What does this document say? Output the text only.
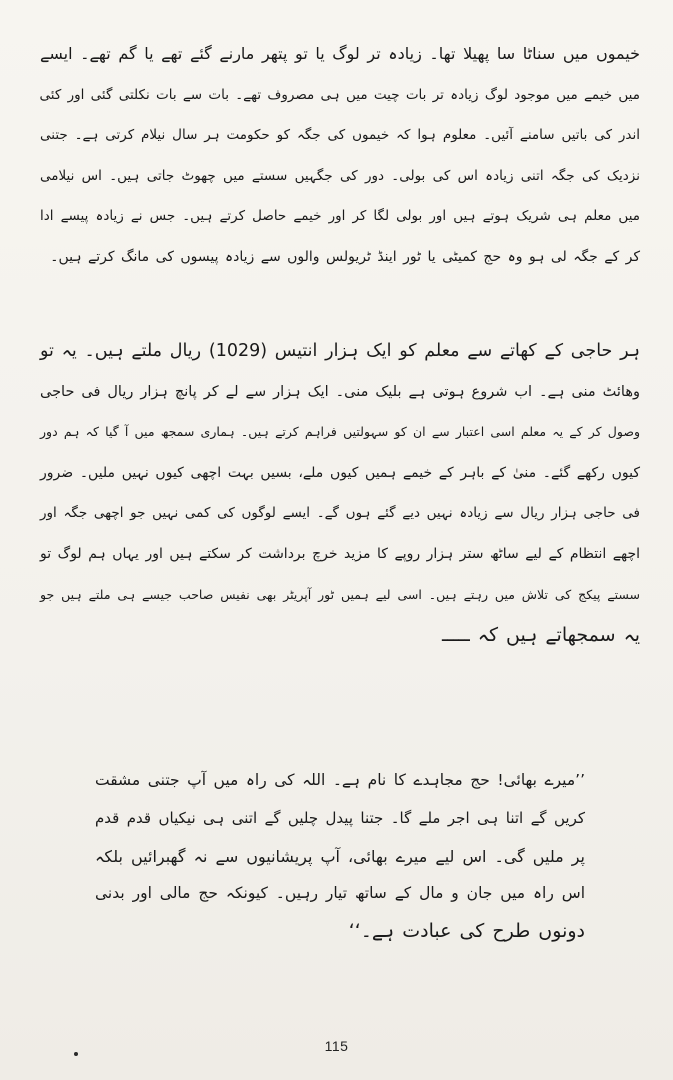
خیموں میں سناٹا سا پھیلا تھا۔ زیادہ تر لوگ یا تو پتھر مارنے گئے تھے یا گم تھے۔ ایسے
میں خیمے میں موجود لوگ زیادہ تر بات چیت میں ہی مصروف تھے۔ بات سے بات نکلتی گئی اور کئی
اندر کی باتیں سامنے آئیں۔ معلوم ہوا کہ خیموں کی جگہ کو حکومت ہر سال نیلام کرتی ہے۔ جتنی
نزدیک کی جگہ اتنی زیادہ اس کی بولی۔ دور کی جگہیں سستے میں چھوٹ جاتی ہیں۔ اس نیلامی
میں معلم ہی شریک ہوتے ہیں اور بولی لگا کر اور خیمے حاصل کرتے ہیں۔ جس نے زیادہ پیسے ادا
کر کے جگہ لی ہو وہ حج کمیٹی یا ٹور اینڈ ٹریولس والوں سے زیادہ پیسوں کی مانگ کرتے ہیں۔
ہر حاجی کے کھاتے سے معلم کو ایک ہزار انتیس (1029) ریال ملتے ہیں۔ یہ تو
وھائٹ منی ہے۔ اب شروع ہوتی ہے بلیک منی۔ ایک ہزار سے لے کر پانچ ہزار ریال فی حاجی
وصول کر کے یہ معلم اسی اعتبار سے ان کو سہولتیں فراہم کرتے ہیں۔ ہماری سمجھ میں آ گیا کہ ہم دور
کیوں رکھے گئے۔ منیٰ کے باہر کے خیمے ہمیں کیوں ملے، بسیں بہت اچھی کیوں نہیں ملیں۔ ضرور
فی حاجی ہزار ریال سے زیادہ نہیں دیے گئے ہوں گے۔ ایسے لوگوں کی کمی نہیں جو اچھی جگہ اور
اچھے انتظام کے لیے ساٹھ ستر ہزار روپے کا مزید خرچ برداشت کر سکتے ہیں اور یہاں ہم لوگ تو
سستے پیکج کی تلاش میں رہتے ہیں۔ اسی لیے ہمیں ٹور آپریٹر بھی نفیس صاحب جیسے ہی ملتے ہیں جو
یہ سمجھاتے ہیں کہ ـــــ
’’میرے بھائی! حج مجاہدے کا نام ہے۔ اللہ کی راہ میں آپ جتنی مشقت
کریں گے اتنا ہی اجر ملے گا۔ جتنا پیدل چلیں گے اتنی ہی نیکیاں قدم قدم
پر ملیں گی۔ اس لیے میرے بھائی، آپ پریشانیوں سے نہ گھبرائیں بلکہ
اس راہ میں جان و مال کے ساتھ تیار رہیں۔ کیونکہ حج مالی اور بدنی
دونوں طرح کی عبادت ہے۔‘‘
115
